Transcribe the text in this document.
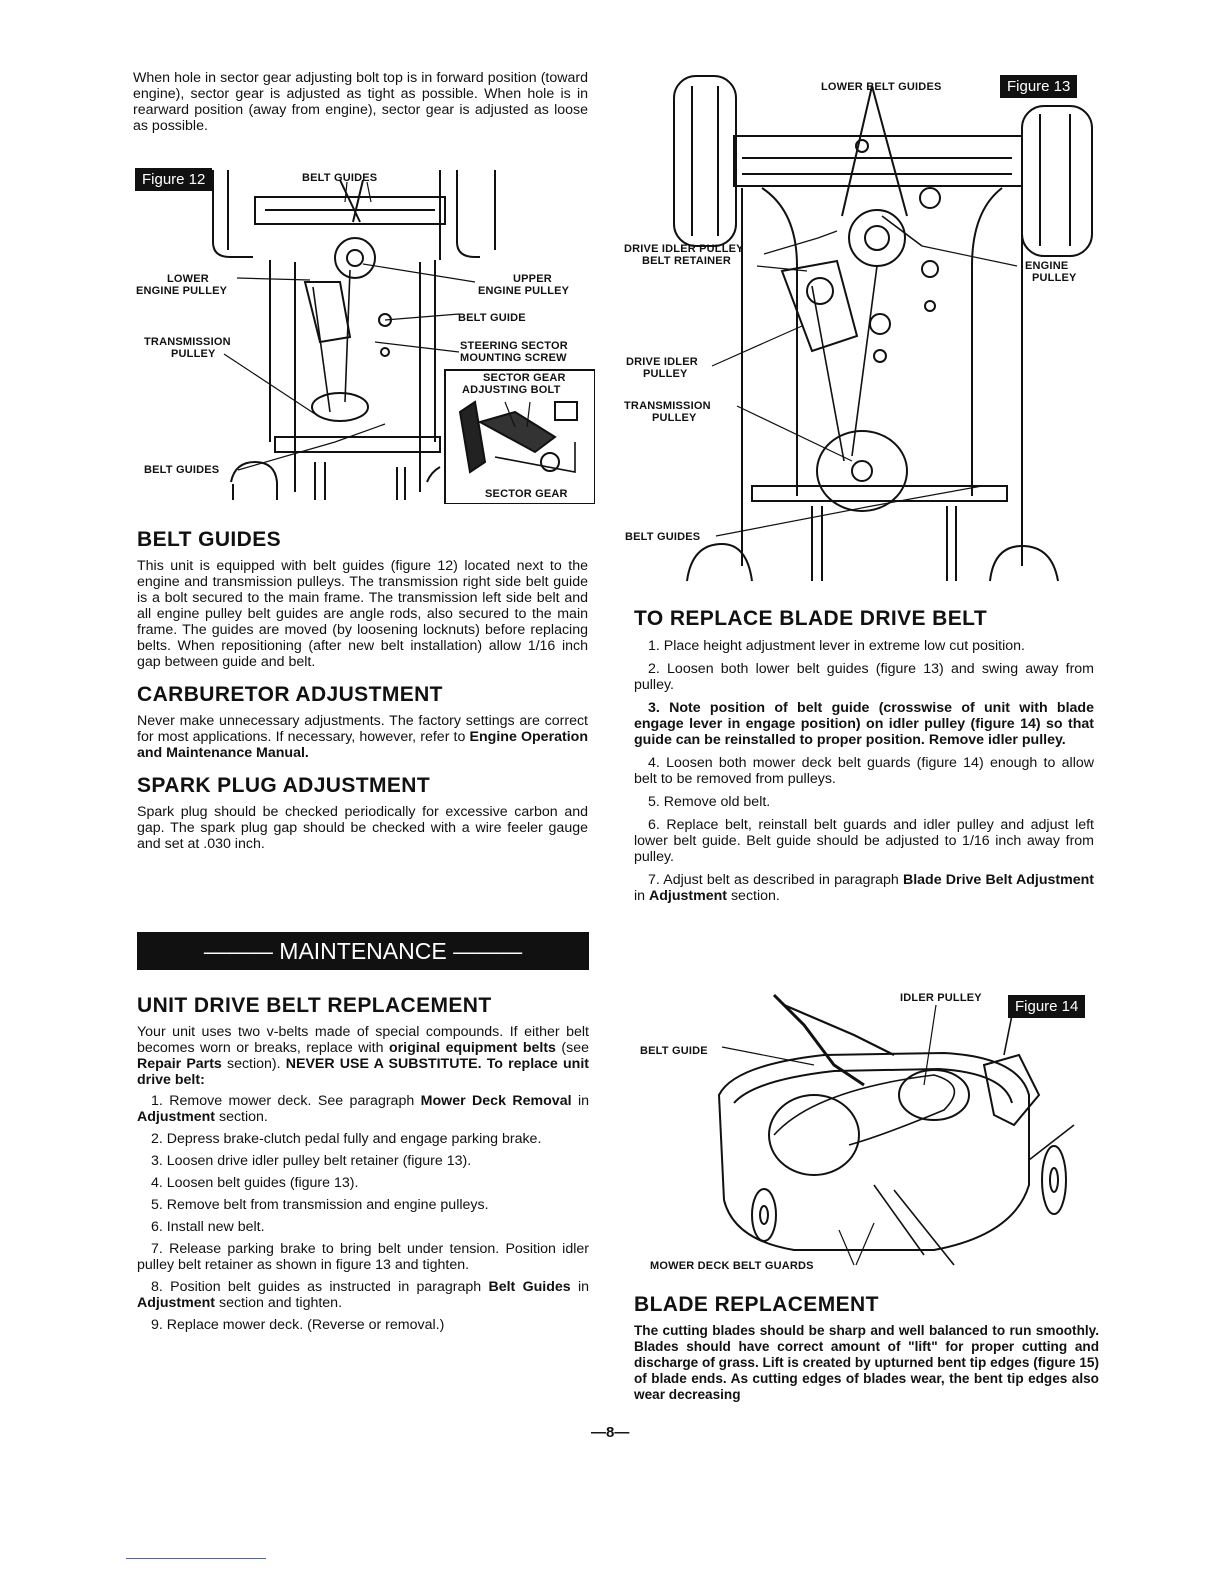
When hole in sector gear adjusting bolt top is in forward position (toward engine), sector gear is adjusted as tight as possible. When hole is in rearward position (away from engine), sector gear is adjusted as loose as possible.

Figure 12	BELT GUIDES
LOWER
ENGINE PULLEY
UPPER
ENGINE PULLEY
BELT GUIDE
TRANSMISSION
PULLEY
STEERING SECTOR
MOUNTING SCREW
SECTOR GEAR
ADJUSTING BOLT
SECTOR GEAR
BELT GUIDES
BELT GUIDES

This unit is equipped with belt guides (figure 12) located next to the engine and transmission pulleys. The transmission right side belt guide is a bolt secured to the main frame. The transmission left side belt and all engine pulley belt guides are angle rods, also secured to the main frame. The guides are moved (by loosening locknuts) before replacing belts. When repositioning (after new belt installation) allow 1/16 inch gap between guide and belt.

CARBURETOR ADJUSTMENT

Never make unnecessary adjustments. The factory settings are correct for most applications. If necessary, however, refer to Engine Operation and Maintenance Manual.

SPARK PLUG ADJUSTMENT

Spark plug should be checked periodically for excessive carbon and gap. The spark plug gap should be checked with a wire feeler gauge and set at .030 inch.

——— MAINTENANCE ———
UNIT DRIVE BELT REPLACEMENT

Your unit uses two v-belts made of special compounds. If either belt becomes worn or breaks, replace with original equipment belts (see Repair Parts section). NEVER USE A SUBSTITUTE. To replace unit drive belt:

1. Remove mower deck. See paragraph Mower Deck Removal in Adjustment section.

2. Depress brake-clutch pedal fully and engage parking brake.

3. Loosen drive idler pulley belt retainer (figure 13).

4. Loosen belt guides (figure 13).

5. Remove belt from transmission and engine pulleys.

6. Install new belt.

7. Release parking brake to bring belt under tension. Position idler pulley belt retainer as shown in figure 13 and tighten.

8. Position belt guides as instructed in paragraph Belt Guides in Adjustment section and tighten.

9. Replace mower deck. (Reverse or removal.)

LOWER BELT GUIDES	Figure 13
DRIVE IDLER PULLEY
BELT RETAINER	ENGINE
PULLEY
DRIVE IDLER
PULLEY
TRANSMISSION
PULLEY
BELT GUIDES
TO REPLACE BLADE DRIVE BELT

1. Place height adjustment lever in extreme low cut position.

2. Loosen both lower belt guides (figure 13) and swing away from pulley.

3. Note position of belt guide (crosswise of unit with blade engage lever in engage position) on idler pulley (figure 14) so that guide can be reinstalled to proper position. Remove idler pulley.

4. Loosen both mower deck belt guards (figure 14) enough to allow belt to be removed from pulleys.

5. Remove old belt.

6. Replace belt, reinstall belt guards and idler pulley and adjust left lower belt guide. Belt guide should be adjusted to 1/16 inch away from pulley.

7. Adjust belt as described in paragraph Blade Drive Belt Adjustment in Adjustment section.

IDLER PULLEY	Figure 14
BELT GUIDE
MOWER DECK BELT GUARDS
BLADE REPLACEMENT

The cutting blades should be sharp and well balanced to run smoothly. Blades should have correct amount of "lift" for proper cutting and discharge of grass. Lift is created by upturned bent tip edges (figure 15) of blade ends. As cutting edges of blades wear, the bent tip edges also wear decreasing

—8—
